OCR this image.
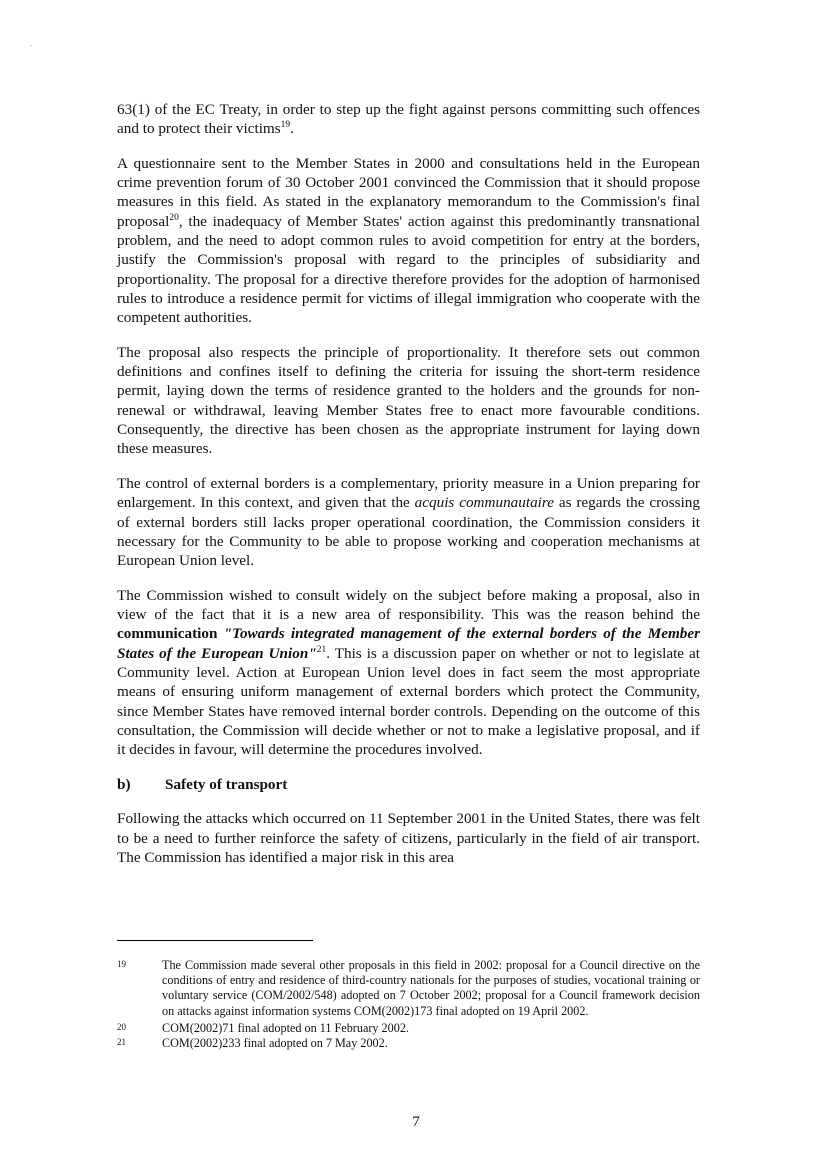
.

63(1) of the EC Treaty, in order to step up the fight against persons committing such offences and to protect their victims$^{19}$.

A questionnaire sent to the Member States in 2000 and consultations held in the European crime prevention forum of 30 October 2001 convinced the Commission that it should propose measures in this field. As stated in the explanatory memorandum to the Commission's final proposal$^{20}$, the inadequacy of Member States' action against this predominantly transnational problem, and the need to adopt common rules to avoid competition for entry at the borders, justify the Commission's proposal with regard to the principles of subsidiarity and proportionality. The proposal for a directive therefore provides for the adoption of harmonised rules to introduce a residence permit for victims of illegal immigration who cooperate with the competent authorities.

The proposal also respects the principle of proportionality. It therefore sets out common definitions and confines itself to defining the criteria for issuing the short-term residence permit, laying down the terms of residence granted to the holders and the grounds for non-renewal or withdrawal, leaving Member States free to enact more favourable conditions. Consequently, the directive has been chosen as the appropriate instrument for laying down these measures.

The control of external borders is a complementary, priority measure in a Union preparing for enlargement. In this context, and given that the acquis communautaire as regards the crossing of external borders still lacks proper operational coordination, the Commission considers it necessary for the Community to be able to propose working and cooperation mechanisms at European Union level.

The Commission wished to consult widely on the subject before making a proposal, also in view of the fact that it is a new area of responsibility. This was the reason behind the communication "Towards integrated management of the external borders of the Member States of the European Union"$^{21}$. This is a discussion paper on whether or not to legislate at Community level. Action at European Union level does in fact seem the most appropriate means of ensuring uniform management of external borders which protect the Community, since Member States have removed internal border controls. Depending on the outcome of this consultation, the Commission will decide whether or not to make a legislative proposal, and if it decides in favour, will determine the procedures involved.

b)	Safety of transport

Following the attacks which occurred on 11 September 2001 in the United States, there was felt to be a need to further reinforce the safety of citizens, particularly in the field of air transport. The Commission has identified a major risk in this area

19	The Commission made several other proposals in this field in 2002: proposal for a Council directive on the conditions of entry and residence of third-country nationals for the purposes of studies, vocational training or voluntary service (COM/2002/548) adopted on 7 October 2002; proposal for a Council framework decision on attacks against information systems COM(2002)173 final adopted on 19 April 2002.
20	COM(2002)71 final adopted on 11 February 2002.
21	COM(2002)233 final adopted on 7 May 2002.
7
